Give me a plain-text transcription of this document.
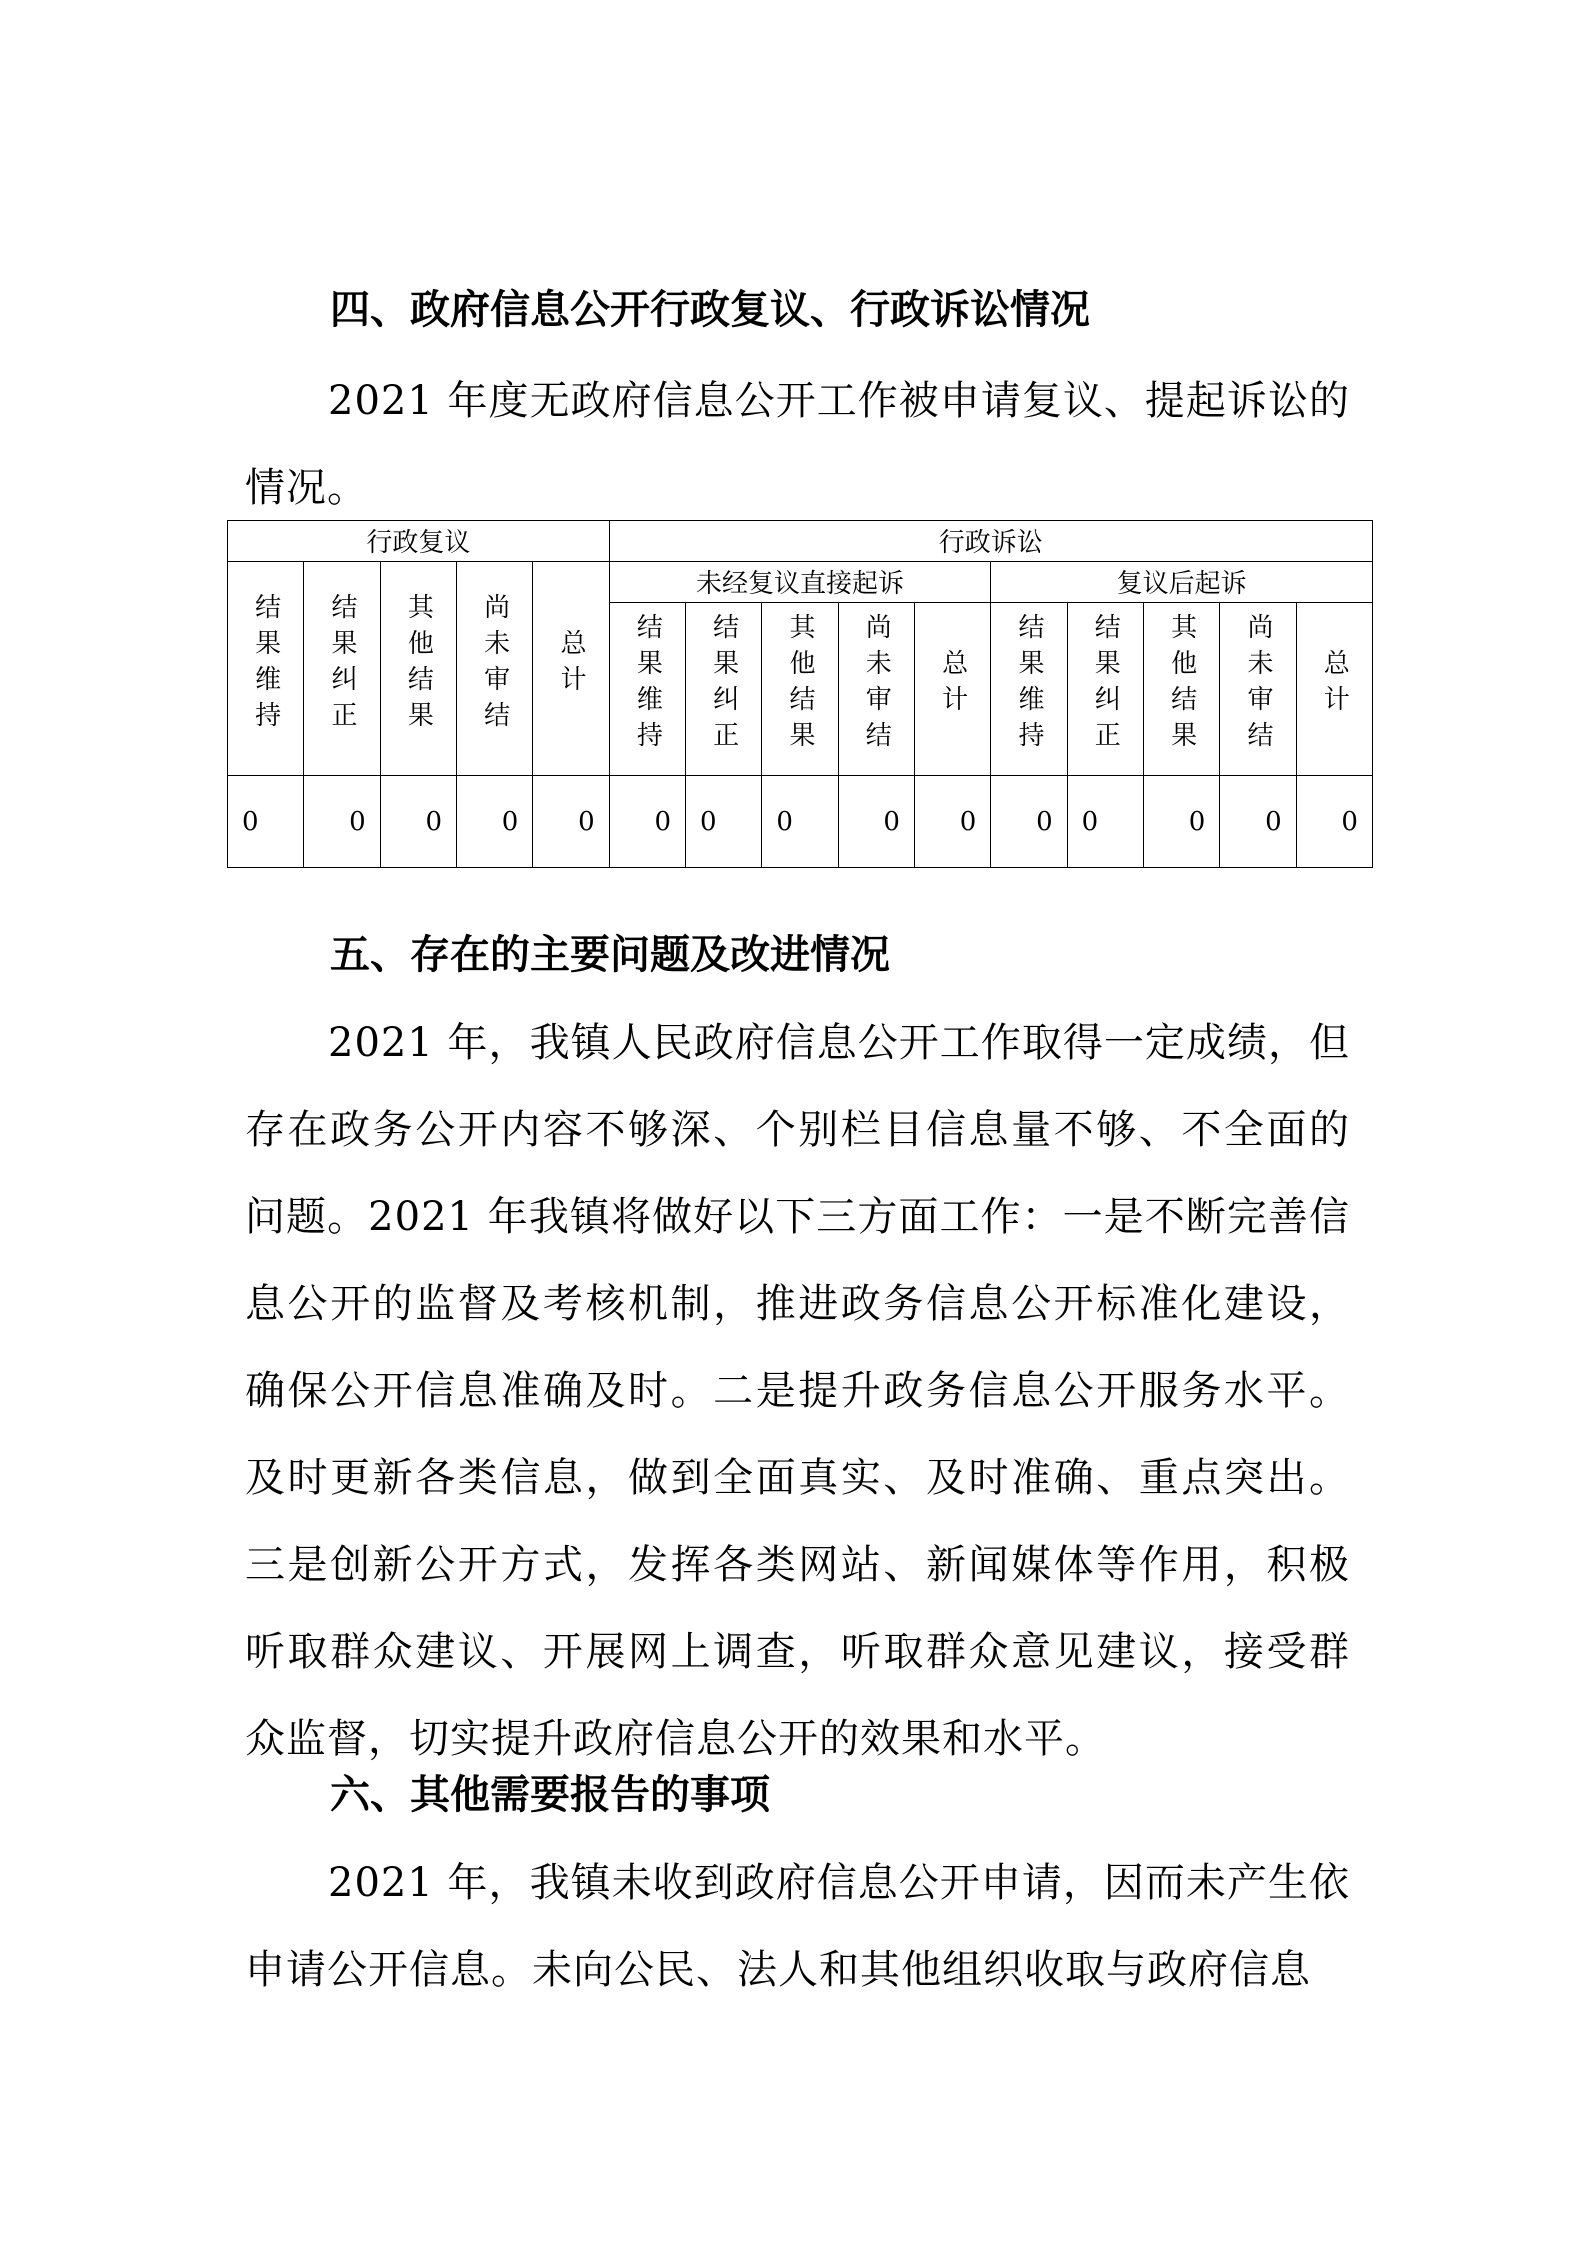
四、政府信息公开行政复议、行政诉讼情况
2021 年度无政府信息公开工作被申请复议、提起诉讼的情况。
行政复议					行政诉讼									
结果维持	结果纠正	其他结果	尚未审结	总计	未经复议直接起诉					复议后起诉				
					结果维持	结果纠正	其他结果	尚未审结	总计	结果维持	结果纠正	其他结果	尚未审结	总计

0	0	0	0	0	0	0	0	0	0	0	0	0	0	0
五、存在的主要问题及改进情况
2021 年，我镇人民政府信息公开工作取得一定成绩，但存在政务公开内容不够深、个别栏目信息量不够、不全面的问题。2021 年我镇将做好以下三方面工作：一是不断完善信息公开的监督及考核机制，推进政务信息公开标准化建设，确保公开信息准确及时。二是提升政务信息公开服务水平。及时更新各类信息，做到全面真实、及时准确、重点突出。三是创新公开方式，发挥各类网站、新闻媒体等作用，积极听取群众建议、开展网上调查，听取群众意见建议，接受群众监督，切实提升政府信息公开的效果和水平。
六、其他需要报告的事项
2021 年，我镇未收到政府信息公开申请，因而未产生依申请公开信息。未向公民、法人和其他组织收取与政府信息
